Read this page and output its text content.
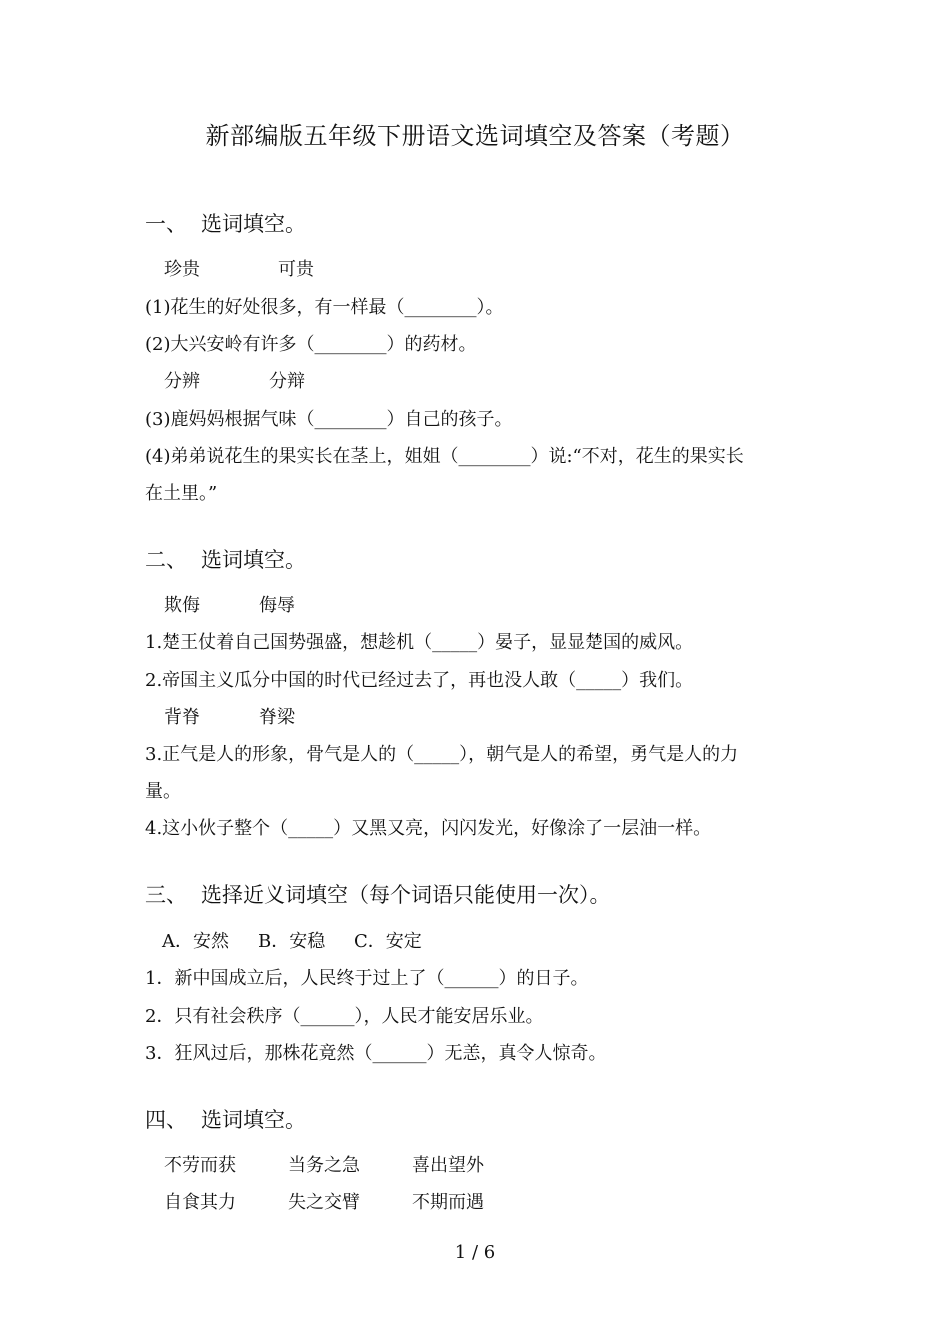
新部编版五年级下册语文选词填空及答案（考题）
一、 选词填空。
珍贵	可贵
(1)花生的好处很多，有一样最（________）。
(2)大兴安岭有许多（________）的药材。
分辨	分辩
(3)鹿妈妈根据气味（________）自己的孩子。
(4)弟弟说花生的果实长在茎上，姐姐（________）说:“不对，花生的果实长
在土里。”
二、 选词填空。
欺侮	侮辱
1.楚王仗着自己国势强盛，想趁机（_____）晏子，显显楚国的威风。
2.帝国主义瓜分中国的时代已经过去了，再也没人敢（_____）我们。
背脊	脊梁
3.正气是人的形象，骨气是人的（_____），朝气是人的希望，勇气是人的力
量。
4.这小伙子整个（_____）又黑又亮，闪闪发光，好像涂了一层油一样。
三、 选择近义词填空（每个词语只能使用一次）。
A．安然 B．安稳 C．安定
1．新中国成立后，人民终于过上了（______）的日子。
2．只有社会秩序（______），人民才能安居乐业。
3．狂风过后，那株花竟然（______）无恙，真令人惊奇。
四、 选词填空。
不劳而获	当务之急	喜出望外
自食其力	失之交臂	不期而遇
1 / 6
